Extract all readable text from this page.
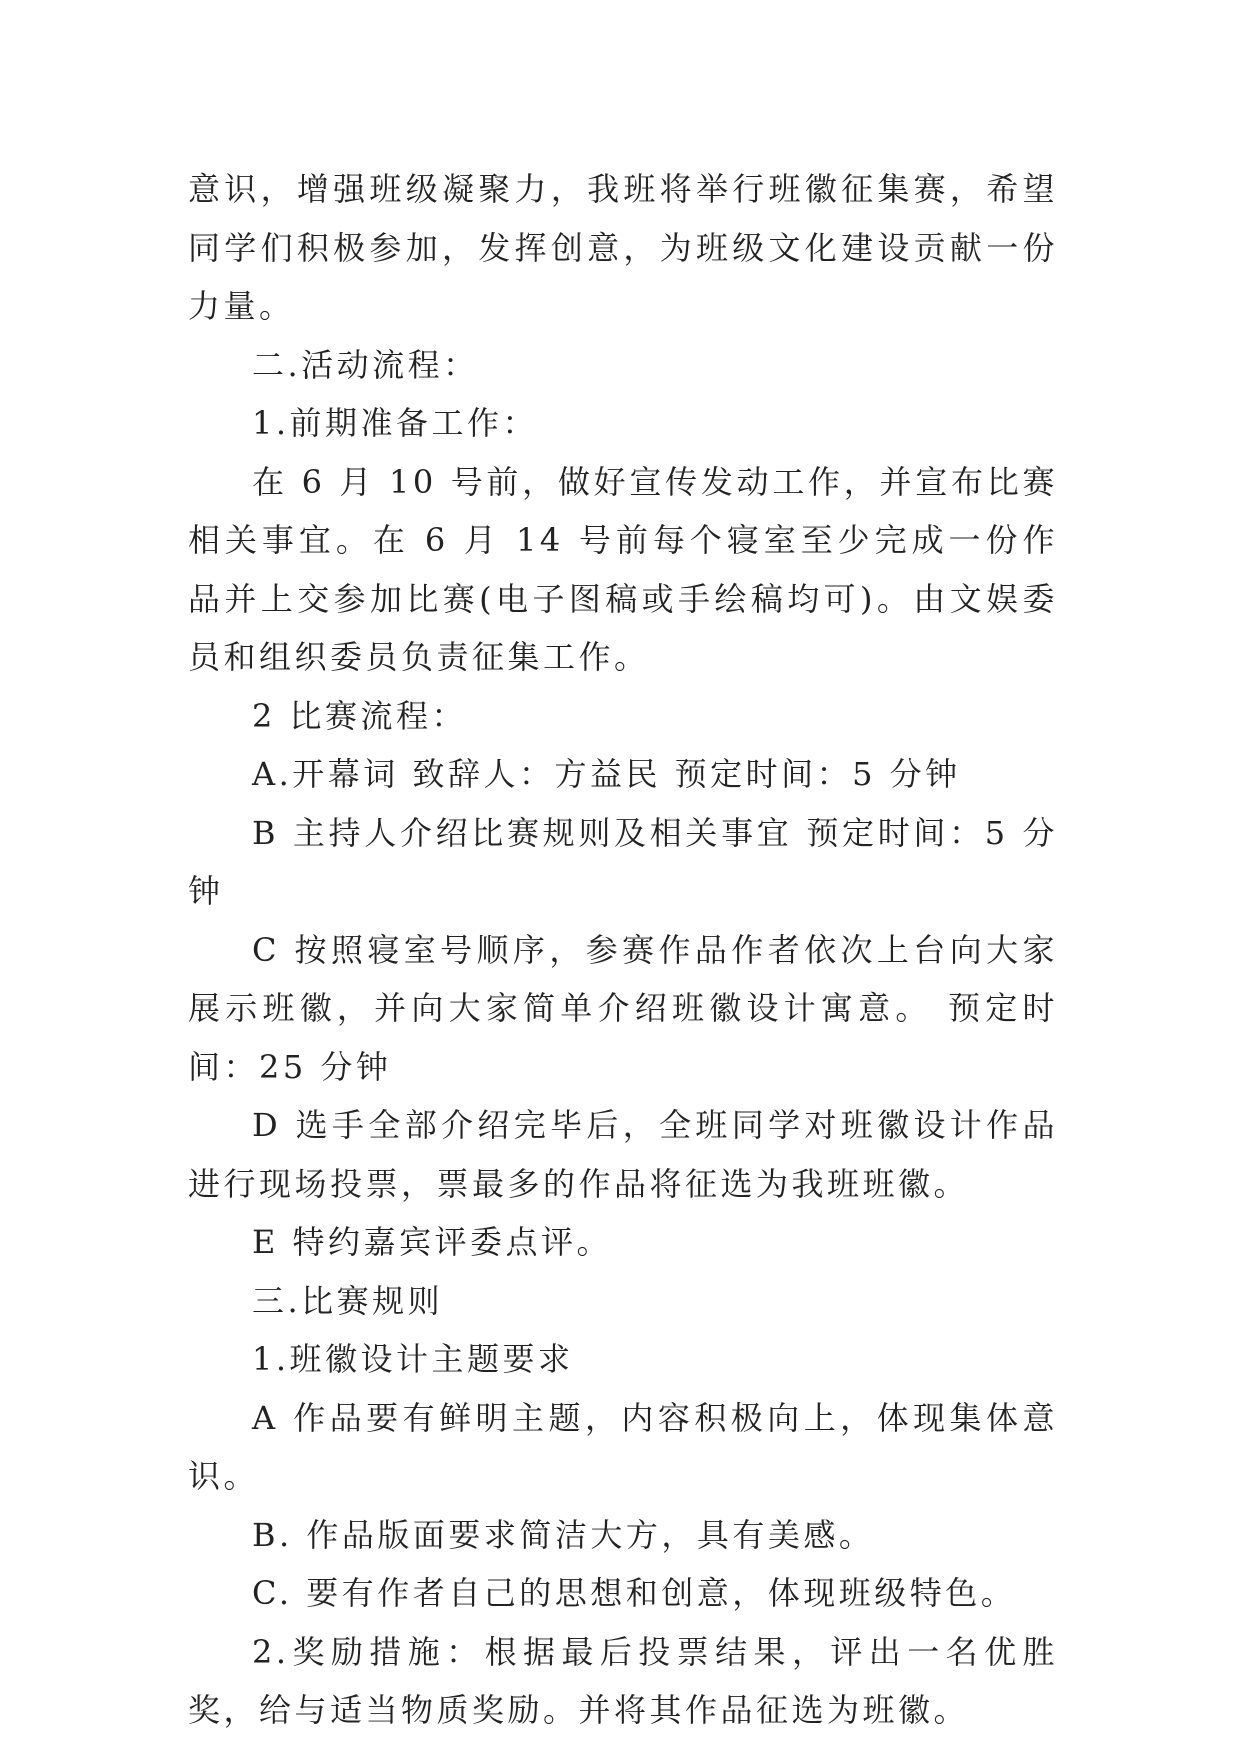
意识，增强班级凝聚力，我班将举行班徽征集赛，希望同学们积极参加，发挥创意，为班级文化建设贡献一份力量。

二.活动流程：

1.前期准备工作：

在 6 月 10 号前，做好宣传发动工作，并宣布比赛相关事宜。在 6 月 14 号前每个寝室至少完成一份作品并上交参加比赛(电子图稿或手绘稿均可)。由文娱委员和组织委员负责征集工作。

2 比赛流程：

A.开幕词 致辞人：方益民 预定时间：5 分钟

B 主持人介绍比赛规则及相关事宜 预定时间：5 分钟

C 按照寝室号顺序，参赛作品作者依次上台向大家展示班徽，并向大家简单介绍班徽设计寓意。 预定时间：25 分钟

D 选手全部介绍完毕后，全班同学对班徽设计作品进行现场投票，票最多的作品将征选为我班班徽。

E 特约嘉宾评委点评。

三.比赛规则

1.班徽设计主题要求

A 作品要有鲜明主题，内容积极向上，体现集体意识。

B. 作品版面要求简洁大方，具有美感。

C. 要有作者自己的思想和创意，体现班级特色。

2.奖励措施：根据最后投票结果，评出一名优胜奖，给与适当物质奖励。并将其作品征选为班徽。
